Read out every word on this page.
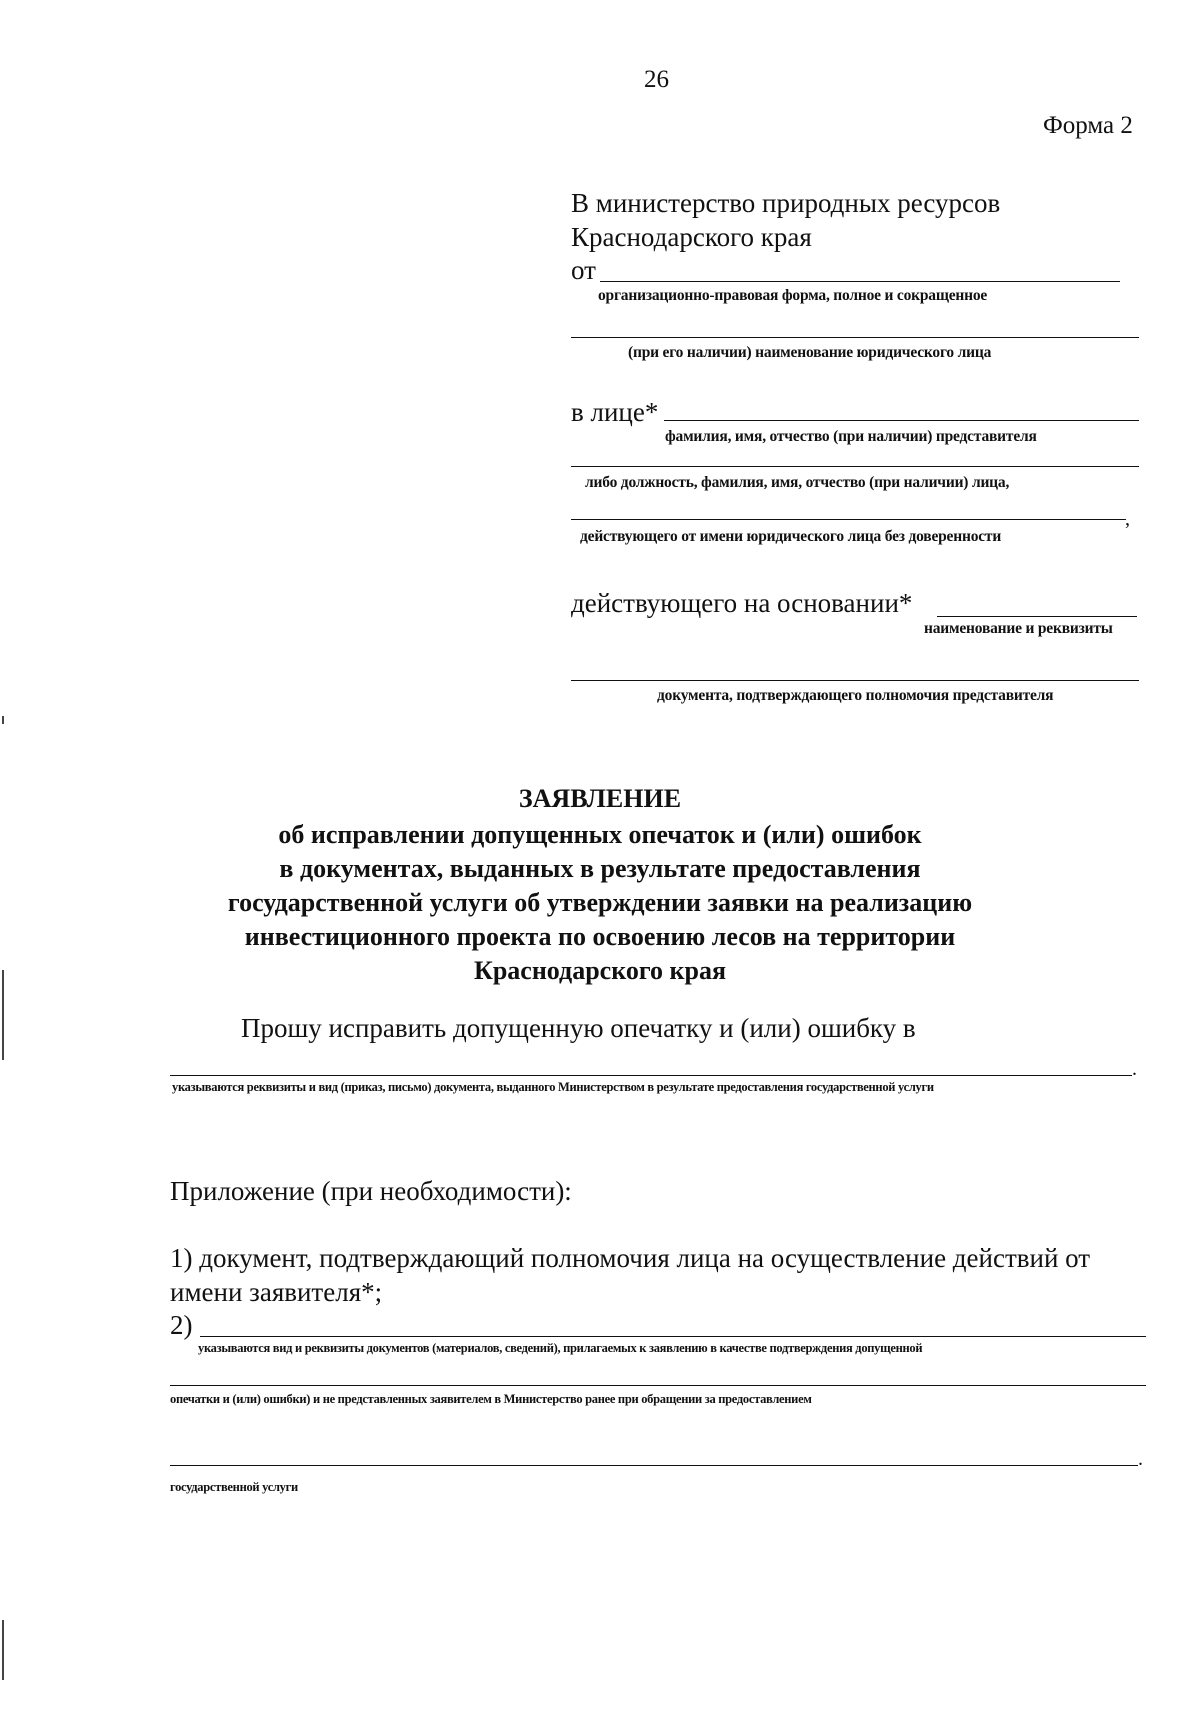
26
Форма 2
В министерство природных ресурсов
Краснодарского края
от
организационно-правовая форма, полное и сокращенное
(при его наличии) наименование юридического лица
в лице*
фамилия, имя, отчество (при наличии) представителя
либо должность, фамилия, имя, отчество (при наличии) лица,
,
действующего от имени юридического лица без доверенности
действующего на основании*
наименование и реквизиты
документа, подтверждающего полномочия представителя
ЗАЯВЛЕНИЕ
об исправлении допущенных опечаток и (или) ошибок
в документах, выданных в результате предоставления
государственной услуги об утверждении заявки на реализацию
инвестиционного проекта по освоению лесов на территории
Краснодарского края
Прошу исправить допущенную опечатку и (или) ошибку в
.
указываются реквизиты и вид (приказ, письмо) документа, выданного Министерством в результате предоставления государственной услуги
Приложение (при необходимости):
1) документ, подтверждающий полномочия лица на осуществление действий от
имени заявителя*;
2)
указываются вид и реквизиты документов (материалов, сведений), прилагаемых к заявлению в качестве подтверждения допущенной
опечатки и (или) ошибки) и не представленных заявителем в Министерство ранее при обращении за предоставлением
.
государственной услуги
